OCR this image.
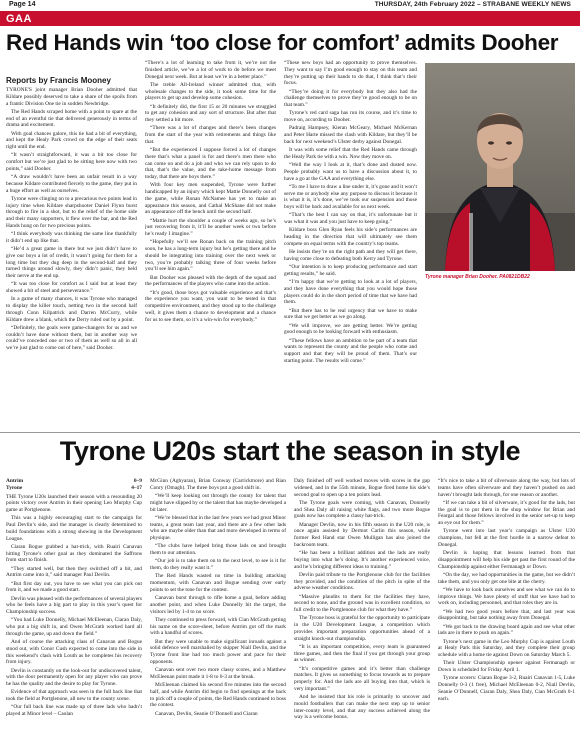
Page 14	THURSDAY, 24th February 2022 – STRABANE WEEKLY NEWS
GAA
Red Hands win ‘too close for comfort’ admits Dooher
Reports by Francis Mooney

TYRONE'S joint manager Brian Dooher admitted that Kildare possibly deserved to take a share of the spoils from a frantic Division One tie in sodden Newbridge.

The Red Hands scraped home with a point to spare at the end of an eventful tie that delivered generously in terms of drama and excitement.

With goal chances galore, this tie had a bit of everything, and kept the Healy Park crowd on the edge of their seats right until the end.

“It wasn’t straightforward, it was a bit too close for comfort but we’re just glad to be sitting here now with two points,” said Dooher.

“A draw wouldn’t have been an unfair result in a way because Kildare contributed fiercely to the game, they put in a huge effort as well as ourselves.

Tyrone were clinging on to a precarious two points lead in injury time when Kildare sharpshooter Daniel Flynn burst through to fire in a shot, but to the relief of the home side and their many supporters, it flew over the bar, and the Red Hands hung on for two precious points.

“I think everybody was thinking the same line thankfully it didn’t end up like that.

“He’d a great game in there but we just didn’t have to give our boys a lot of credit, it wasn’t going for them for a long time but they dug deep in the second-half and they turned things around slowly, they didn’t panic, they held their nerve at the end up.

“It was too close for comfort as I said but at least they showed a bit of steel and perseverance.”

In a game of many chances, it was Tyrone who managed to display the killer touch, netting two in the second half through Conn Kilpatrick and Darren McCurry, while Kildare drew a blank, which the Derry ruled out by a point.

“Definitely, the goals were game-changers for us and we couldn’t have done without them, but in another way we could’ve conceded one or two of them as well so all in all we’re just glad to come out of here,” said Dooher.

“There’s a lot of learning to take from it, we’re not the finished article, we’ve a lot of work to do before we meet Donegal next week. But at least we’re in a better place.”

The treble All-Ireland winner admitted that, with wholesale changes to the side, it took some time for the players to get up and develop some cohesion.

“It definitely did, the first 15 or 20 minutes we struggled to get any cohesion and any sort of structure. But after that they settled a bit more.

“There was a lot of changes and there’s been changes from the start of the year with retirements and things like that.

“But the experienced I suppose forced a lot of changes there that’s what a panel is for and there’s men there who can come on and do a job and who we can rely upon to do that, that’s the value, and the take-home message from today, that there are boys there.”

With four key men suspended, Tyrone were further handicapped by an injury which kept Mattie Donnelly out of the game, while Ronan McNamee has yet to make an appearance this season, and Cathal McShane did not make an appearance off the bench until the second half.

“Mattie hurt the shoulder a couple of weeks ago, so he’s just recovering from it, it’ll be another week or two before he’s ready I imagine.”

“Hopefully we’ll see Ronan back on the training pitch soon, he has a long-term injury but he’s getting there and he should be integrating into training over the next week or two, you’re probably talking three of four weeks before you’ll see him again.”

But Dooher was pleased with the depth of the squad and the performances of the players who came into the action.

“It’s good, those boys got valuable experience and that’s the experience you want, you want to be tested in that competitive environment, and they stood up to the challenge well, it gives them a chance to development and a chance for us to see them, so it’s a win-win for everybody.”

“These new boys had an opportunity to prove themselves. They want to say I’m good enough to stay on this team and they’re putting up their hands to do that, I think that’s their focus.

“They’re doing it for everybody but they also had the challenge themselves to prove they’re good enough to be on that team.”

Tyrone’s red card saga has run its course, and it’s time to move on, according to Dooher.

Padraig Hampsey, Kieran McGeary, Michael McKernan and Peter Harte missed the clash with Kildare, but they’ll be back for next weekend’s Ulster derby against Donegal.

It was with some relief that the Red Hands came through the Healy Park tie with a win. Now they move on.

“Well the way I look at it, that’s done and dusted now. People probably want us to have a discussion about it, to have a go at the GAA and everything else.

“To me I have to draw a line under it, it’s gone and it won’t serve me or anybody else any purpose to discuss it because it is what it is, it’s done, we’ve took our suspension and those boys will be back and available for us next week.

“That’s the best I can say on that, it’s unfortunate but it was what it was and you just have to keep going.”

Kildare boss Glen Ryan feels his side’s performances are heading in the direction that will ultimately see them compete on equal terms with the country’s top teams.

He insists they’re on the right path and they will get there, having come close to defeating both Kerry and Tyrone.

“Our intention is to keep producing performance and start getting results,” he said.

“I’m happy that we’re getting to look at a lot of players, and they have done everything that you would hope those players could do in the short period of time that we have had them.

“But there has to be real urgency that we have to make sure that we get better as we go along.

“We will improve, we are getting better. We’re getting good enough to be looking forward with enthusiasm.

“These fellows have an ambition to be part of a team that wants to represent the county and the people who come and support and that they will be proud of them. That’s our starting point. The results will come.”

Tyrone manager Brian Dooher. PA0821DB22
Tyrone U20s start the season in style
Antrim	0–9
Tyrone	4–17

THE Tyrone U20s launched their season with a resounding 20 points victory over Antrim in their opening Leo Murphy Cup game at Portglenone.

This was a highly encouraging start to the campaign for Paul Devlin’s side, and the manager is clearly determined to build foundations with a strong showing in the Development League.

Ciaran Bogue grabbed a hat-trick, with Ruairi Canavan hitting Tyrone’s other goal as they dominated the Saffrons from start to finish.

“They started well, but then they switched off a bit, and Antrim came into it,” said manager Paul Devlin.

“But first day out, you have to see what you can pick out from it, and we made a good start.

Devlin was pleased with the performances of several players who he feels have a big part to play in this year’s quest for Championship success.

“You had Luke Donnelly, Michael McEleenan, Ciaran Daly, who put a big shift in, and Owen McGrath worked hard all through the game, up and down the field.”

And of course the attacking class of Canavan and Bogue stood out, with Conor Cush expected to come into the side in this weekend’s clash with Louth as he completes his recovery from injury.

Devlin is constantly on the look-out for undiscovered talent, with the door permanently open for any player who can prove he has the quality and the desire to play for Tyrone.

Evidence of that approach was seen in the full back line that took the field at Portglenone, all new to the county scene.

“Our full back line was made up of three lads who hadn’t played at Minor level – Caolan

McGinn (Aghyaran), Brian Conway (Carrickmore) and Rian Conry (Omagh). The three boys put a good shift in.

“We’ll keep looking out through the county for talent that might have slipped by or the talent that has maybe developed a bit later.

“We’re blessed that in the last few years we had great Minor teams, a great team last year, and there are a few other lads who are maybe older than that and more developed in terms of physique.

“The clubs have helped bring those lads on and brought them to our attention.

“Our job is to take them on to the next level, to see is it for them, do they really want it.”

The Red Hands wasted no time in building attacking momentum, with Canavan and Bogue sending over early points to set the tone for the contest.

Canavan burst through to rifle home a goal, before adding another point, and when Luke Donnelly hit the target, the visitors led by 1-4 to no score.

They continued to press forward, with Cian McGrath getting his name on the score-sheet, before Antrim got off the mark with a handful of scores.

But they were unable to make significant inroads against a solid defence well marshalled by skipper Niall Devlin, and the Tyrone front line had too much power and pace for their opponents.

Canavan sent over two more classy scores, and a Matthew McEleenan point made it 1-8 to 0-3 at the break.

McEleenan claimed his second five minutes into the second half, and while Antrim did begin to find openings at the back to pick off a couple of points, the Red Hands continued to boss the contest.

Canavan, Devlin, Seanie O’Donnell and Ciaran

Daly finished off well worked moves with scores in the gap widened, and in the 55th minute, Bogue fired home his side’s second goal to open up a ten points lead.

The Tyrone goals were coming, with Canavan, Donnelly and Shea Daly all raising white flags, and two more Bogue goals now has complete a classy hat-trick.

Manager Devlin, now in his fifth season in the U20 role, is once again assisted by Dermot Carlin this season, while former Red Hand star Owen Mulligan has also joined the backroom team.

“He has been a brilliant addition and the lads are really buying into what he’s doing. It’s another experienced voice, and he’s bringing different ideas to training.”

Devlin paid tribute to the Portglenone club for the facilities they provided, and the condition of the pitch in spite of the adverse weather conditions.

“Massive plaudits to them for the facilities they have, second to none, and the ground was in excellent condition, so full credit to the Portglenone club for what they have.”

The Tyrone boss is grateful for the opportunity to participate in the U20 Development League, a competition which provides important preparation opportunities ahead of a straight knock-out championship.

“It is an important competition, every team is guaranteed three games, and then the final if you get through your group as winner.

“It’s competitive games and it’s better than challenge matches. It gives us something to focus towards as to prepare properly for. And the lads are all buying into that, which is very important.”

And he insisted that his role is primarily to uncover and mould footballers that can make the next step up to senior inter-county level, and that any success achieved along the way is a welcome bonus.

“It’s nice to take a bit of silverware along the way, but lots of teams have often silverware and they haven’t pushed on and haven’t brought lads through, for one reason or another.

“If we can take a bit of silverware, it’s good for the lads, but the goal is to put them in the shop window for Brian and Feargal and those fellows involved in the senior set-up to keep an eye out for them.”

Tyrone went into last year’s campaign as Ulster U20 champions, but fell at the first hurdle in a narrow defeat to Donegal.

Devlin is hoping that lessons learned from that disappointment will help his side get past the first round of the Championship against either Fermanagh or Down.

“On the day, we had opportunities in the game, but we didn’t take them, and you only get one bite at the cherry.

“We have to look back ourselves and see what we can do to improve things. We have plenty of stuff that we have had to work on, including personnel, and that roles they are in.

“We had two good years before that, and last year was disappointing, but take nothing away from Donegal.

“We got back to the drawing board again and see what other lads are in there to push on again.”

Tyrone’s next game in the Leo Murphy Cup is against Louth at Healy Park this Saturday, and they complete their group schedule with a home tie against Down on Saturday March 5.

Their Ulster Championship opener against Fermanagh or Down is scheduled for Friday April 1.

Tyrone scorers: Ciaran Bogue 3-2, Ruairi Canavan 1-5, Luke Donnelly 0-3 (1 free), Michael McEleenan 0-2, Niall Devlin, Seanie O’Donnell, Ciaran Daly, Shea Daly, Cian McGrath 0-1 each.
